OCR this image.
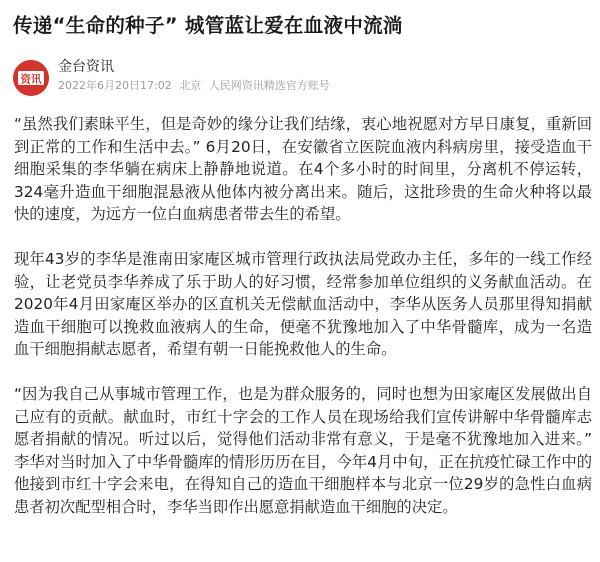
传递“生命的种子” 城管蓝让爱在血液中流淌
资讯
金台资讯
2022年6月20日17:02 北京 人民网资讯精选官方账号

“虽然我们素昧平生，但是奇妙的缘分让我们结缘，衷心地祝愿对方早日康复，重新回到正常的工作和生活中去。” 6月20日，在安徽省立医院血液内科病房里，接受造血干细胞采集的李华躺在病床上静静地说道。在4个多小时的时间里，分离机不停运转，324毫升造血干细胞混悬液从他体内被分离出来。随后，这批珍贵的生命火种将以最快的速度，为远方一位白血病患者带去生的希望。

现年43岁的李华是淮南田家庵区城市管理行政执法局党政办主任，多年的一线工作经验，让老党员李华养成了乐于助人的好习惯，经常参加单位组织的义务献血活动。在2020年4月田家庵区举办的区直机关无偿献血活动中，李华从医务人员那里得知捐献造血干细胞可以挽救血液病人的生命，便毫不犹豫地加入了中华骨髓库，成为一名造血干细胞捐献志愿者，希望有朝一日能挽救他人的生命。

“因为我自己从事城市管理工作，也是为群众服务的，同时也想为田家庵区发展做出自己应有的贡献。献血时，市红十字会的工作人员在现场给我们宣传讲解中华骨髓库志愿者捐献的情况。听过以后，觉得他们活动非常有意义，于是毫不犹豫地加入进来。” 李华对当时加入了中华骨髓库的情形历历在目，今年4月中旬，正在抗疫忙碌工作中的他接到市红十字会来电，在得知自己的造血干细胞样本与北京一位29岁的急性白血病患者初次配型相合时，李华当即作出愿意捐献造血干细胞的决定。
